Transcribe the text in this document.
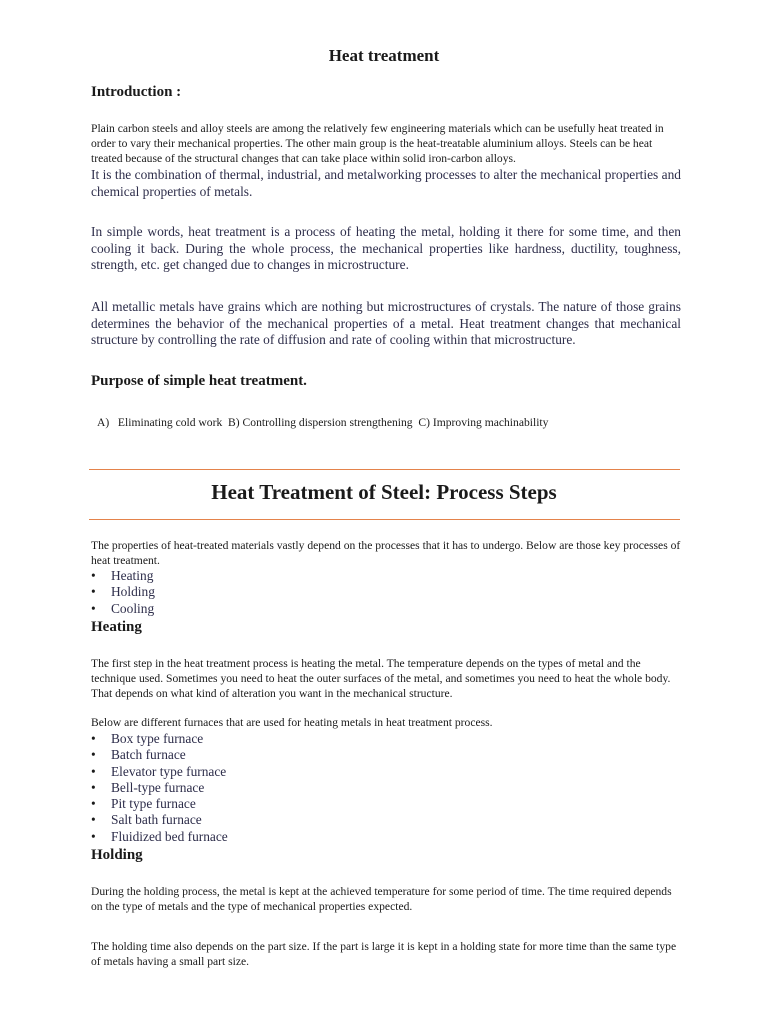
Heat treatment
Introduction :
Plain carbon steels and alloy steels are among the relatively few engineering materials which can be usefully heat treated in order to vary their mechanical properties. The other main group is the heat-treatable aluminium alloys. Steels can be heat treated because of the structural changes that can take place within solid iron-carbon alloys.
It is the combination of thermal, industrial, and metalworking processes to alter the mechanical properties and chemical properties of metals.
In simple words, heat treatment is a process of heating the metal, holding it there for some time, and then cooling it back. During the whole process, the mechanical properties like hardness, ductility, toughness, strength, etc. get changed due to changes in microstructure.
All metallic metals have grains which are nothing but microstructures of crystals. The nature of those grains determines the behavior of the mechanical properties of a metal. Heat treatment changes that mechanical structure by controlling the rate of diffusion and rate of cooling within that microstructure.
Purpose of simple heat treatment.
A)   Eliminating cold work  B) Controlling dispersion strengthening  C) Improving machinability
Heat Treatment of Steel: Process Steps
The properties of heat-treated materials vastly depend on the processes that it has to undergo. Below are those key processes of heat treatment.
• Heating
• Holding
• Cooling
Heating
The first step in the heat treatment process is heating the metal. The temperature depends on the types of metal and the technique used. Sometimes you need to heat the outer surfaces of the metal, and sometimes you need to heat the whole body. That depends on what kind of alteration you want in the mechanical structure.
Below are different furnaces that are used for heating metals in heat treatment process.
• Box type furnace
• Batch furnace
• Elevator type furnace
• Bell-type furnace
• Pit type furnace
• Salt bath furnace
• Fluidized bed furnace
Holding
During the holding process, the metal is kept at the achieved temperature for some period of time. The time required depends on the type of metals and the type of mechanical properties expected.
The holding time also depends on the part size. If the part is large it is kept in a holding state for more time than the same type of metals having a small part size.
